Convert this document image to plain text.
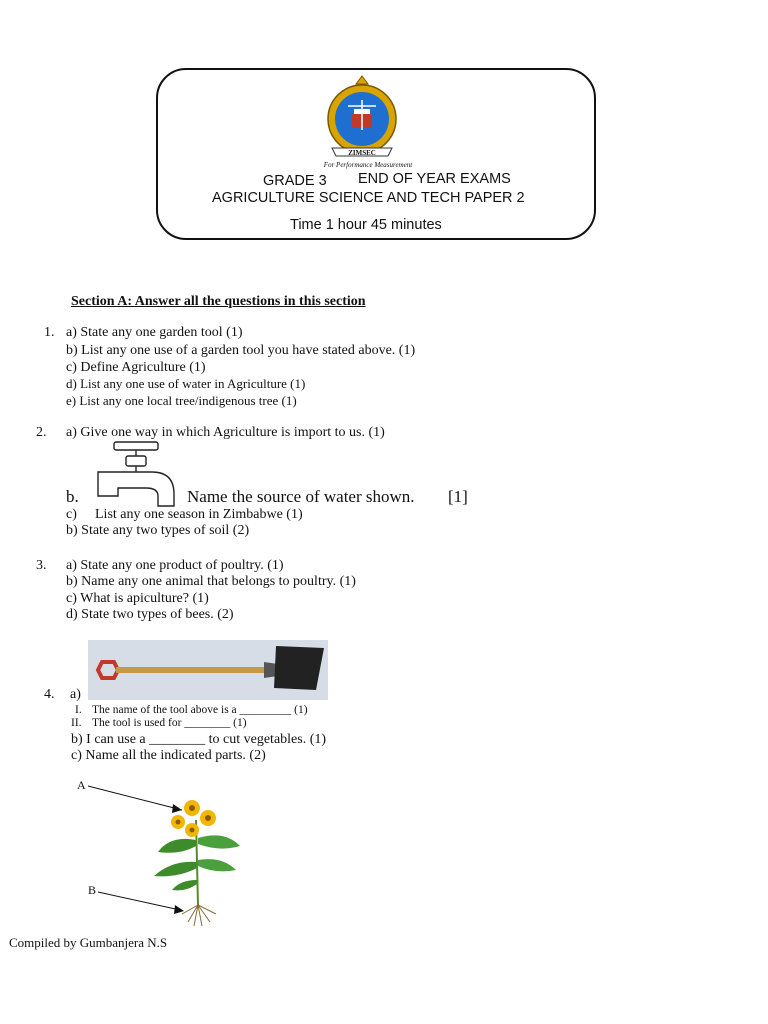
ZIMSEC
For Performance Measurement
GRADE 3 END OF YEAR EXAMS
AGRICULTURE SCIENCE AND TECH PAPER 2
Time 1 hour 45 minutes
Section A: Answer all the questions in this section
1. a) State any one garden tool (1)
b) List any one use of a garden tool you have stated above. (1)
c) Define Agriculture (1)
d) List any one use of water in Agriculture (1)
e) List any one local tree/indigenous tree (1)
2. a) Give one way in which Agriculture is import to us. (1)
b.	Name the source of water shown. [1]
c) List any one season in Zimbabwe (1)
b) State any two types of soil (2)
3. a) State any one product of poultry. (1)
b) Name any one animal that belongs to poultry. (1)
c) What is apiculture? (1)
d) State two types of bees. (2)
4. a)
I. The name of the tool above is a _________ (1)
II. The tool is used for ________ (1)
b) I can use a ________ to cut vegetables. (1)
c) Name all the indicated parts. (2)
A
B
Compiled by Gumbanjera N.S
